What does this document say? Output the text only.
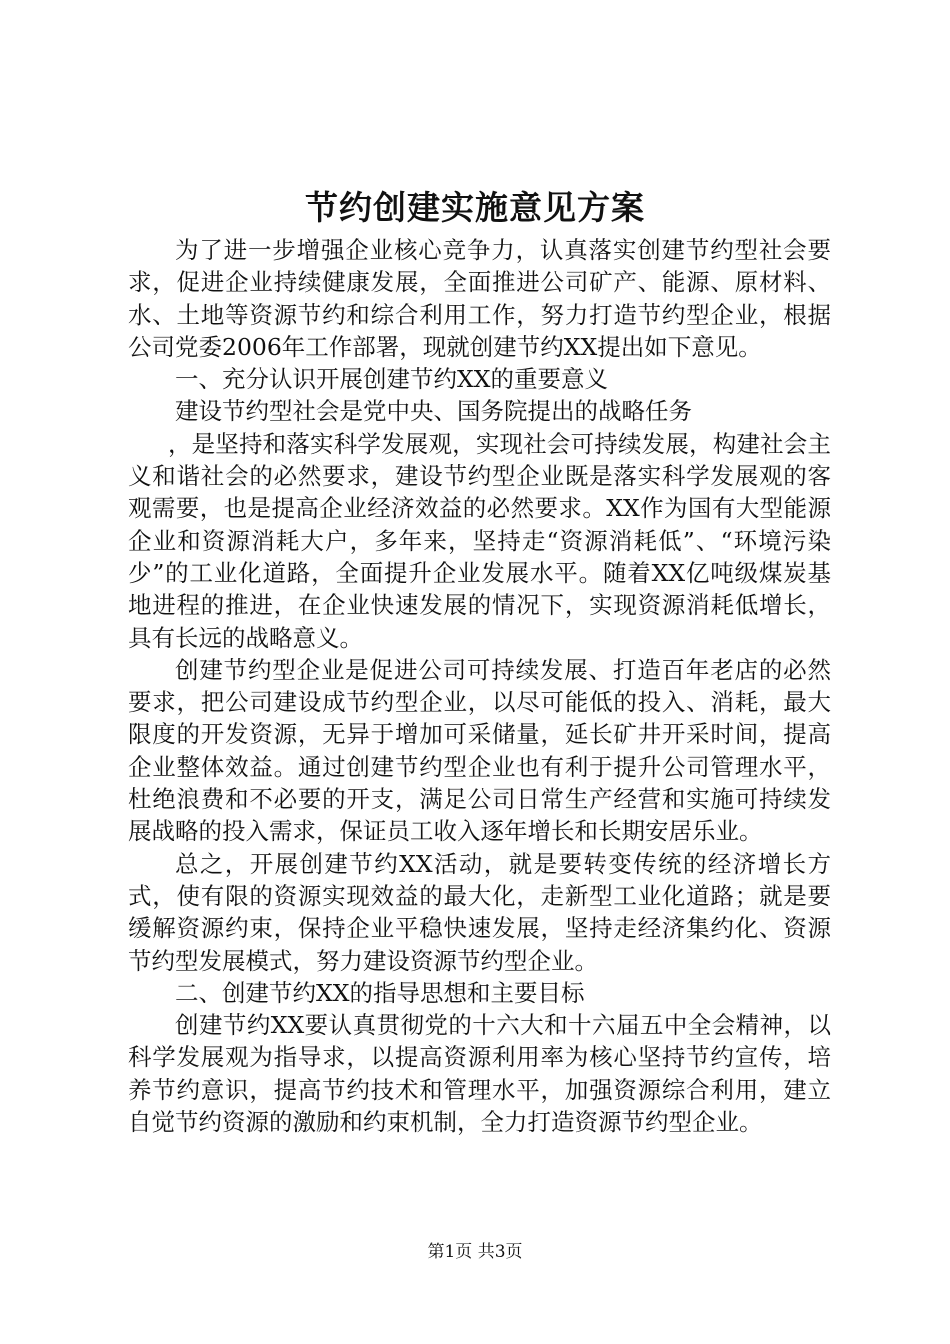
节约创建实施意见方案

为了进一步增强企业核心竞争力，认真落实创建节约型社会要求，促进企业持续健康发展，全面推进公司矿产、能源、原材料、水、土地等资源节约和综合利用工作，努力打造节约型企业，根据公司党委2006年工作部署，现就创建节约XX提出如下意见。

一、充分认识开展创建节约XX的重要意义

建设节约型社会是党中央、国务院提出的战略任务

，是坚持和落实科学发展观，实现社会可持续发展，构建社会主义和谐社会的必然要求，建设节约型企业既是落实科学发展观的客观需要，也是提高企业经济效益的必然要求。XX作为国有大型能源企业和资源消耗大户，多年来，坚持走“资源消耗低”、“环境污染少”的工业化道路，全面提升企业发展水平。随着XX亿吨级煤炭基地进程的推进，在企业快速发展的情况下，实现资源消耗低增长，具有长远的战略意义。

创建节约型企业是促进公司可持续发展、打造百年老店的必然要求，把公司建设成节约型企业，以尽可能低的投入、消耗，最大限度的开发资源，无异于增加可采储量，延长矿井开采时间，提高企业整体效益。通过创建节约型企业也有利于提升公司管理水平，杜绝浪费和不必要的开支，满足公司日常生产经营和实施可持续发展战略的投入需求，保证员工收入逐年增长和长期安居乐业。

总之，开展创建节约XX活动，就是要转变传统的经济增长方式，使有限的资源实现效益的最大化，走新型工业化道路；就是要缓解资源约束，保持企业平稳快速发展，坚持走经济集约化、资源节约型发展模式，努力建设资源节约型企业。

二、创建节约XX的指导思想和主要目标

创建节约XX要认真贯彻党的十六大和十六届五中全会精神，以科学发展观为指导求，以提高资源利用率为核心坚持节约宣传，培养节约意识，提高节约技术和管理水平，加强资源综合利用，建立自觉节约资源的激励和约束机制，全力打造资源节约型企业。

第1页 共3页
